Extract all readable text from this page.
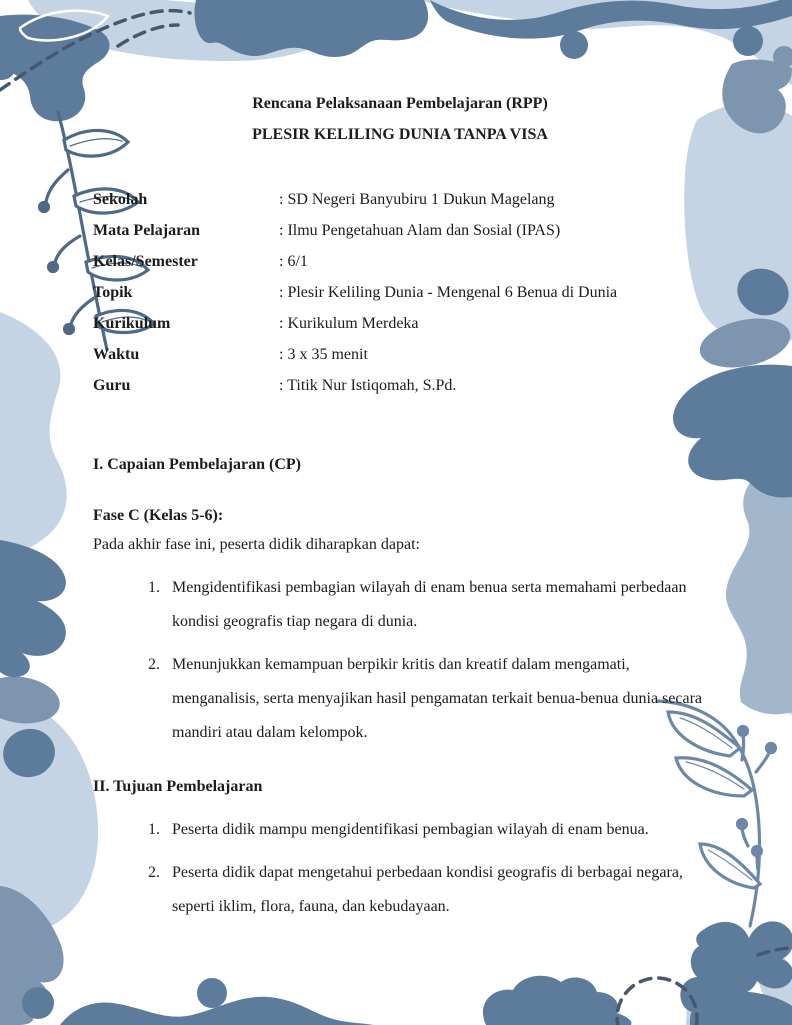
Rencana Pelaksanaan Pembelajaran (RPP)
PLESIR KELILING DUNIA TANPA VISA
Sekolah	: SD Negeri Banyubiru 1 Dukun Magelang
Mata Pelajaran	: Ilmu Pengetahuan Alam dan Sosial (IPAS)
Kelas/Semester	: 6/1
Topik	: Plesir Keliling Dunia - Mengenal 6 Benua di Dunia
Kurikulum	: Kurikulum Merdeka
Waktu	: 3 x 35 menit
Guru	: Titik Nur Istiqomah, S.Pd.
I. Capaian Pembelajaran (CP)
Fase C (Kelas 5-6):
Pada akhir fase ini, peserta didik diharapkan dapat:
Mengidentifikasi pembagian wilayah di enam benua serta memahami perbedaan kondisi geografis tiap negara di dunia.
Menunjukkan kemampuan berpikir kritis dan kreatif dalam mengamati, menganalisis, serta menyajikan hasil pengamatan terkait benua-benua dunia secara mandiri atau dalam kelompok.
II. Tujuan Pembelajaran
Peserta didik mampu mengidentifikasi pembagian wilayah di enam benua.
Peserta didik dapat mengetahui perbedaan kondisi geografis di berbagai negara, seperti iklim, flora, fauna, dan kebudayaan.
